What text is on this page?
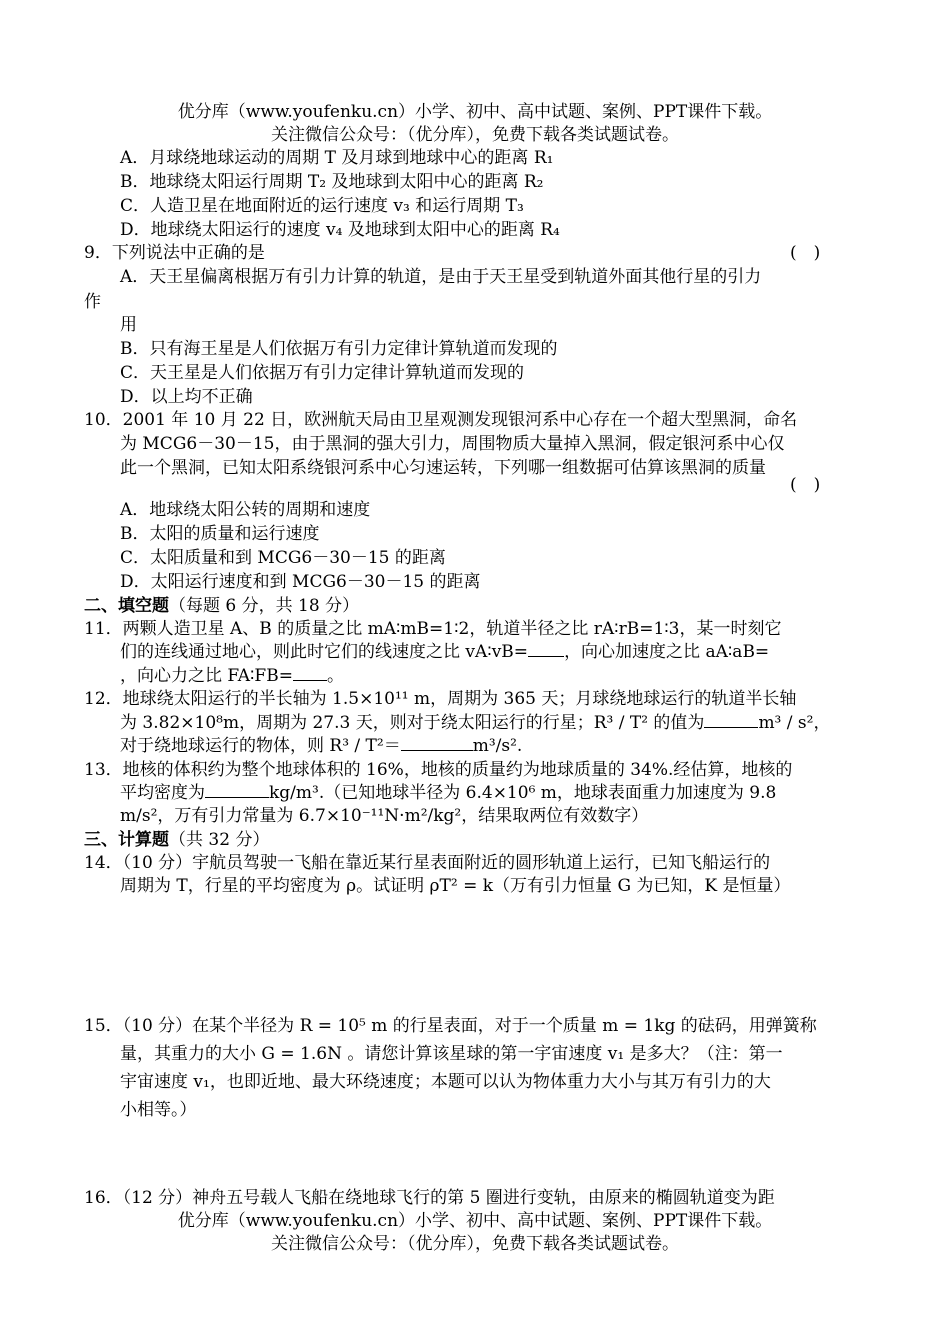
优分库（www.youfenku.cn）小学、初中、高中试题、案例、PPT课件下载。
关注微信公众号：（优分库），免费下载各类试题试卷。
A．月球绕地球运动的周期 T 及月球到地球中心的距离 R₁
B．地球绕太阳运行周期 T₂ 及地球到太阳中心的距离 R₂
C．人造卫星在地面附近的运行速度 v₃ 和运行周期 T₃
D．地球绕太阳运行的速度 v₄ 及地球到太阳中心的距离 R₄
9．下列说法中正确的是	(　)
A．天王星偏离根据万有引力计算的轨道，是由于天王星受到轨道外面其他行星的引力
作
用
B．只有海王星是人们依据万有引力定律计算轨道而发现的
C．天王星是人们依据万有引力定律计算轨道而发现的
D．以上均不正确
10．2001 年 10 月 22 日，欧洲航天局由卫星观测发现银河系中心存在一个超大型黑洞，命名
为 MCG6－30－15，由于黑洞的强大引力，周围物质大量掉入黑洞，假定银河系中心仅
此一个黑洞，已知太阳系绕银河系中心匀速运转，下列哪一组数据可估算该黑洞的质量
(　)
A．地球绕太阳公转的周期和速度
B．太阳的质量和运行速度
C．太阳质量和到 MCG6－30－15 的距离
D．太阳运行速度和到 MCG6－30－15 的距离
二、填空题（每题 6 分，共 18 分）
11．两颗人造卫星 A、B 的质量之比 mA∶mB=1∶2，轨道半径之比 rA∶rB=1∶3，某一时刻它
们的连线通过地心，则此时它们的线速度之比 vA∶vB= ，向心加速度之比 aA∶aB=
，向心力之比 FA∶FB= 。
12．地球绕太阳运行的半长轴为 1.5×10¹¹ m，周期为 365 天；月球绕地球运行的轨道半长轴
为 3.82×10⁸m，周期为 27.3 天，则对于绕太阳运行的行星；R³ / T² 的值为	m³ / s²，
对于绕地球运行的物体，则 R³ / T²＝	m³/s².
13．地核的体积约为整个地球体积的 16%，地核的质量约为地球质量的 34%.经估算，地核的
平均密度为	kg/m³.（已知地球半径为 6.4×10⁶ m，地球表面重力加速度为 9.8
m/s²，万有引力常量为 6.7×10⁻¹¹N·m²/kg²，结果取两位有效数字）
三、计算题（共 32 分）
14．（10 分）宇航员驾驶一飞船在靠近某行星表面附近的圆形轨道上运行，已知飞船运行的
周期为 T，行星的平均密度为 ρ。试证明 ρT² = k（万有引力恒量 G 为已知，K 是恒量）
15．（10 分）在某个半径为 R = 10⁵ m 的行星表面，对于一个质量 m = 1kg 的砝码，用弹簧称
量，其重力的大小 G = 1.6N 。请您计算该星球的第一宇宙速度 v₁ 是多大？（注：第一
宇宙速度 v₁，也即近地、最大环绕速度；本题可以认为物体重力大小与其万有引力的大
小相等。）
16．（12 分）神舟五号载人飞船在绕地球飞行的第 5 圈进行变轨，由原来的椭圆轨道变为距
优分库（www.youfenku.cn）小学、初中、高中试题、案例、PPT课件下载。
关注微信公众号：（优分库），免费下载各类试题试卷。
